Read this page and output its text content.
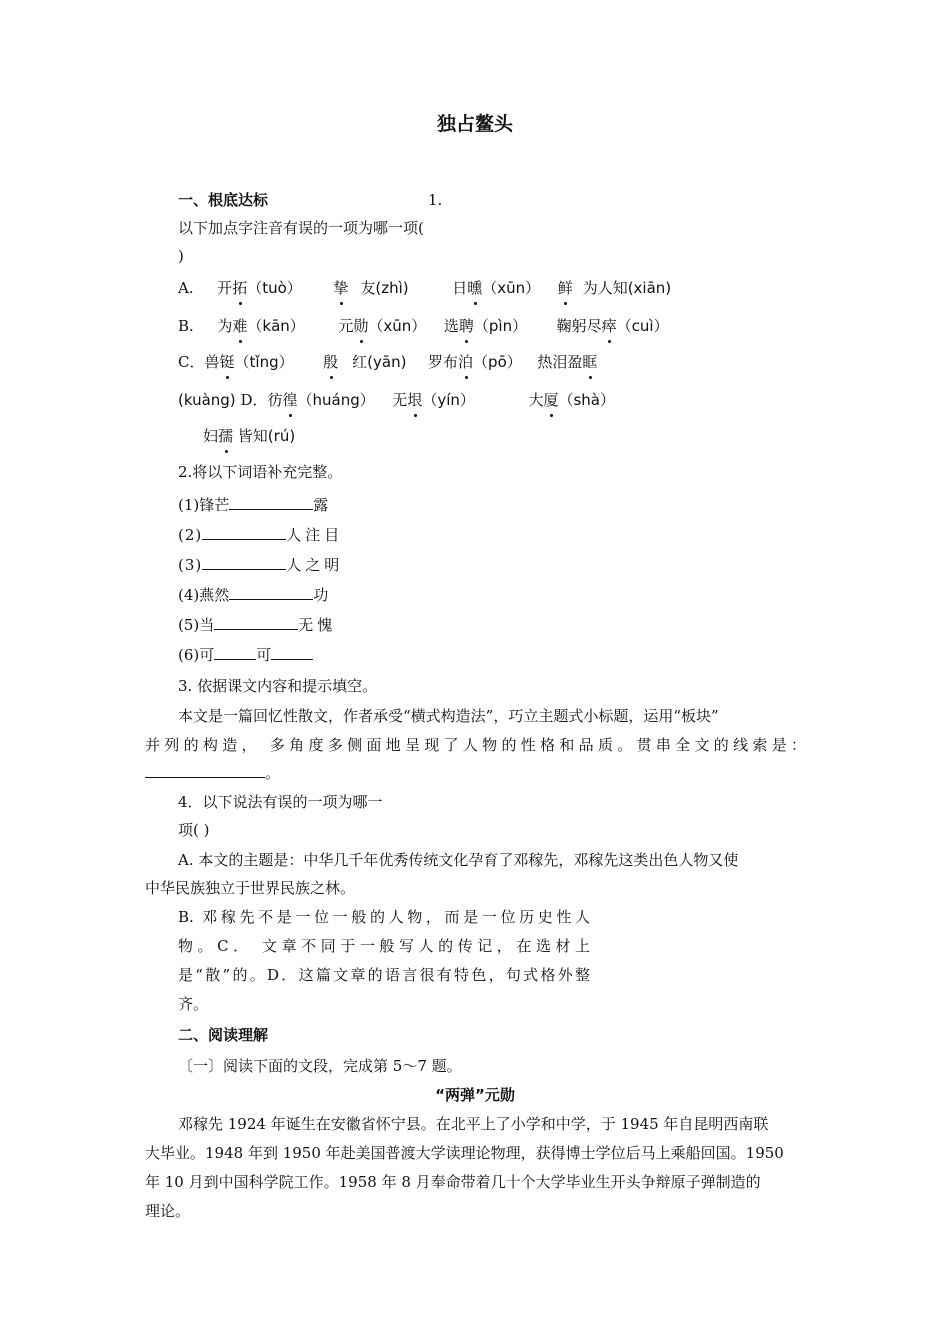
独占鳌头
一、根底达标	1.
以下加点字注音有误的一项为哪一项(
)
A. 开拓（tuò） 挚 友(zhì)	日曛（xūn） 鲜 为人知(xiān)
B. 为难（kān） 元勋（xūn） 选聘（pìn） 鞠躬尽瘁（cuì）
C．兽铤（tǐng） 殷 红(yān) 罗布泊（pō） 热泪盈眶
(kuàng) D．彷徨（huáng） 无垠（yín）	大厦（shà）
妇孺 皆知(rú)
2.将以下词语补充完整。
(1)锋芒	露
(2)	人注目
(3)	人之明
(4)燕然	功
(5)当	无愧
(6)可	可
3. 依据课文内容和提示填空。
本文是一篇回忆性散文，作者承受“横式构造法”，巧立主题式小标题，运用“板块”
并列的构造， 多角度多侧面地呈现了人物的性格和品质。贯串全文的线索是：
。
4．以下说法有误的一项为哪一
项( )
A. 本文的主题是：中华几千年优秀传统文化孕育了邓稼先，邓稼先这类出色人物又使
中华民族独立于世界民族之林。
B. 邓稼先不是一位一般的人物，而是一位历史性人
物。C． 文章不同于一般写人的传记，在选材上
是“散”的。D．这篇文章的语言很有特色，句式格外整
齐。
二、阅读理解
〔一〕阅读下面的文段，完成第 5～7 题。
“两弹”元勋
邓稼先 1924 年诞生在安徽省怀宁县。在北平上了小学和中学，于 1945 年自昆明西南联
大毕业。1948 年到 1950 年赴美国普渡大学读理论物理，获得博士学位后马上乘船回国。1950
年 10 月到中国科学院工作。1958 年 8 月奉命带着几十个大学毕业生开头争辩原子弹制造的
理论。
